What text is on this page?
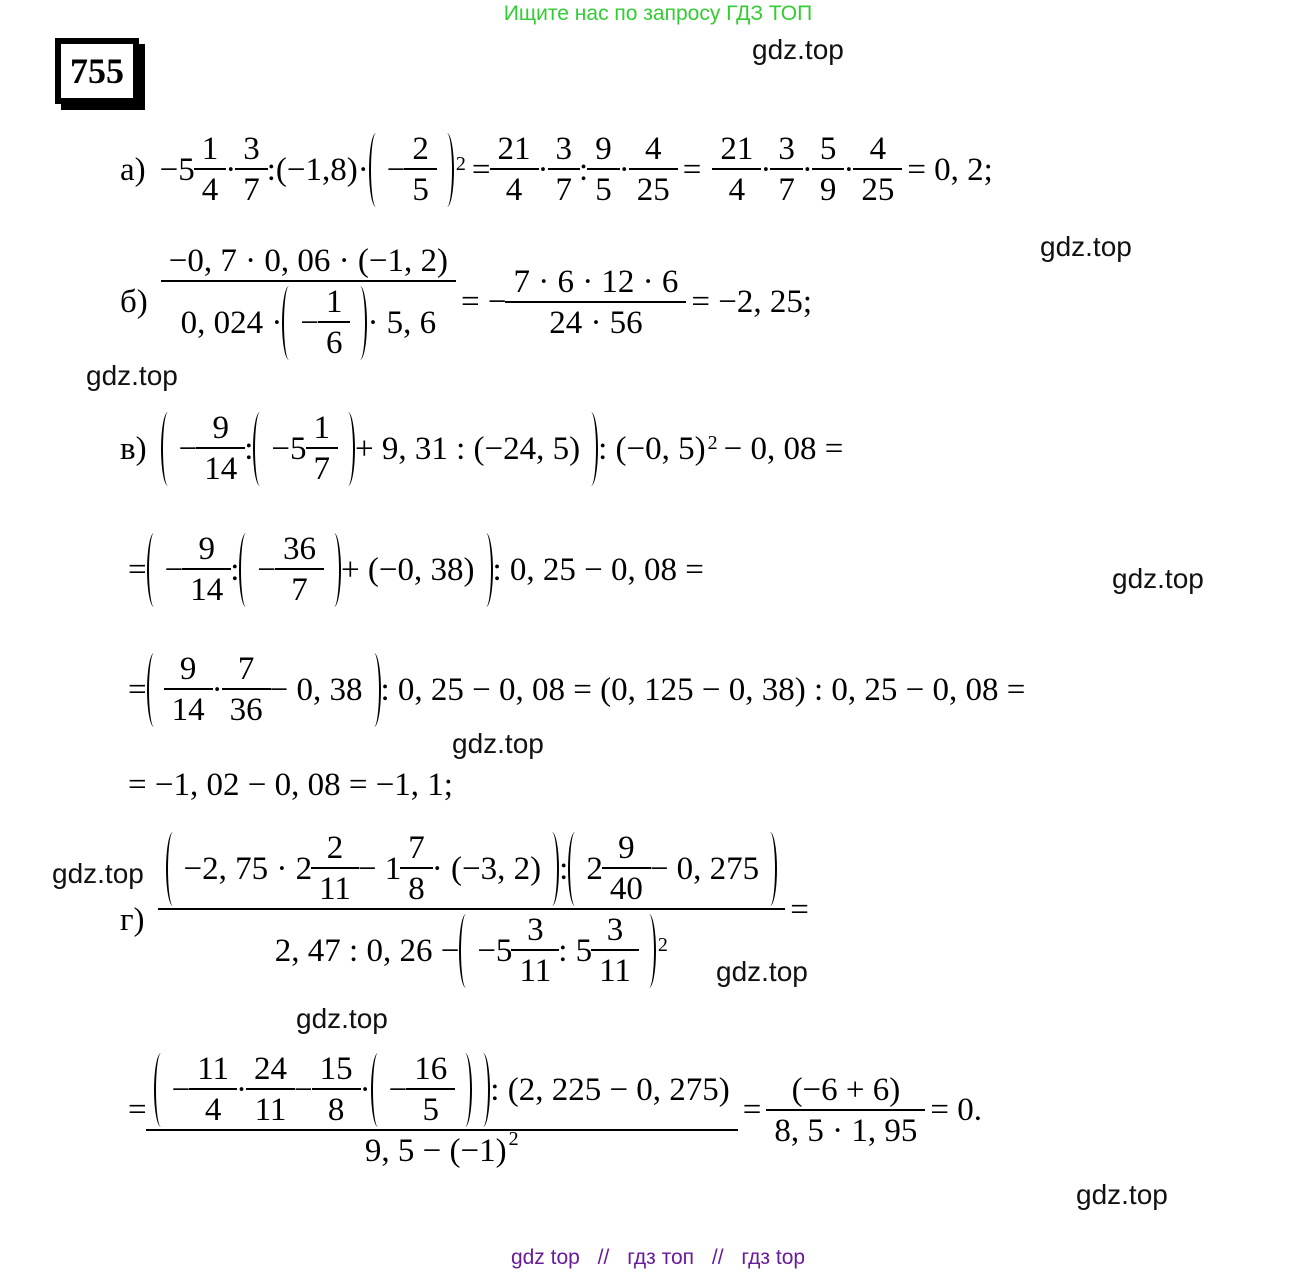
Ищите нас по запросу ГДЗ ТОП
755
gdz.top
gdz.top
gdz.top
gdz.top
gdz.top
gdz.top
gdz.top
gdz.top
gdz.top
$а) -5 \frac{1}{4} \cdot \frac{3}{7}$ :(−1,8)· − $\frac{2}{5} 2 = \frac{21}{4} \cdot \frac{3}{7}$ : $\frac{9}{5} \cdot \frac{4}{25} = \frac{21}{4} \cdot \frac{3}{7} \cdot \frac{5}{9} \cdot \frac{4}{25} = 0$, 2;
$б) \frac{-0, 7 \cdot 0, 06 \cdot (-1, 2)}{0, 024 \cdot - \frac{1}{6} \cdot 5, 6}$ = − $\frac{7 \cdot 6 \cdot 12 \cdot 6}{24 \cdot 56} = -2$, 25;
$в) - \frac{9}{14}$ : $-5 \frac{1}{7} + 9$, 31 : (−24, 5) : (−0, 5) 2 − 0, 08 =
= − $\frac{9}{14}$ : − $\frac{36}{7} + (-0$, 38) : 0, 25 − 0, 08 =
= $\frac{9}{14} \cdot \frac{7}{36} - 0$, 38 : 0, 25 − 0, 08 = (0, 125 − 0, 38) : 0, 25 − 0, 08 =
= −1, 02 − 0, 08 = −1, 1;
г)
−2, $75 \cdot 2 \frac{2}{11} - 1 \frac{7}{8} \cdot (-3$, 2) : $2 \frac{9}{40} - 0$, 275
2, 47 : 0, $26 - -5 \frac{3}{11}$ : $5 \frac{3}{11} 2$
=
=
− $\frac{11}{4} \cdot \frac{24}{11} - \frac{15}{8}$ · − $\frac{16}{5}$ : (2, 225 − 0, 275)
9, 5 − (−1) $^2$
= $\frac{(-6 + 6)}{8, 5 \cdot 1, 95} = 0$.
gdz top // гдз топ // гдз top
